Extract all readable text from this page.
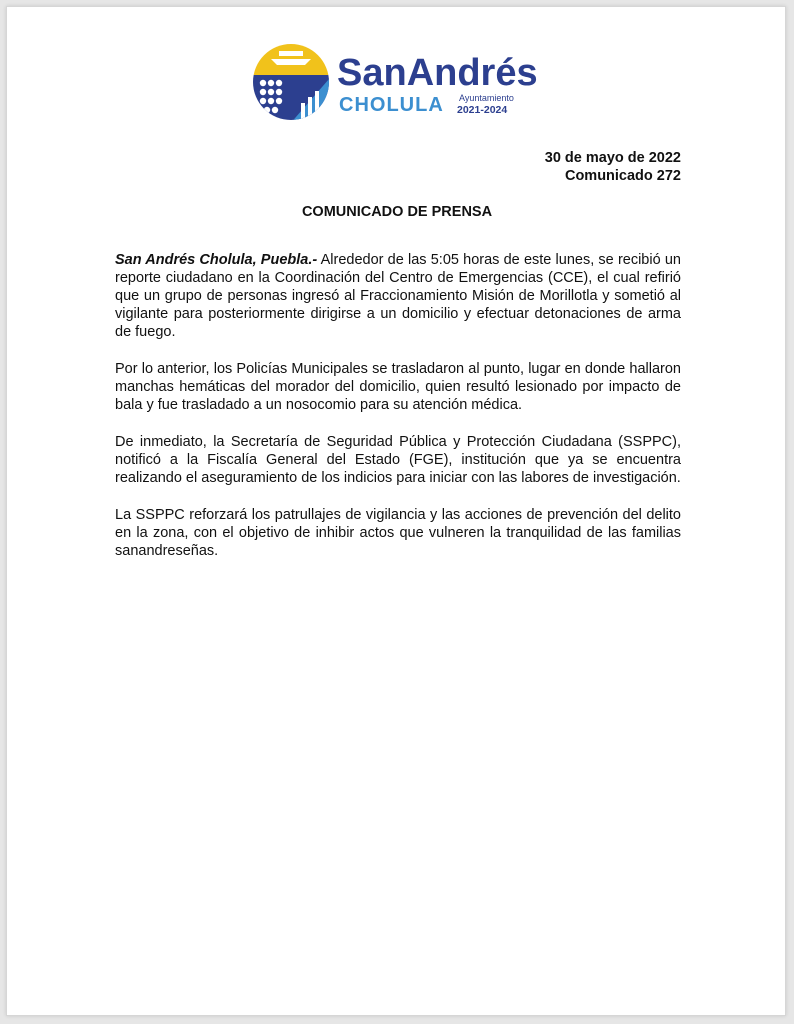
SanAndrés
CHOLULA Ayuntamiento
2021-2024
30 de mayo de 2022
Comunicado 272
COMUNICADO DE PRENSA

San Andrés Cholula, Puebla.- Alrededor de las 5:05 horas de este lunes, se recibió un reporte ciudadano en la Coordinación del Centro de Emergencias (CCE), el cual refirió que un grupo de personas ingresó al Fraccionamiento Misión de Morillotla y sometió al vigilante para posteriormente dirigirse a un domicilio y efectuar detonaciones de arma de fuego.

Por lo anterior, los Policías Municipales se trasladaron al punto, lugar en donde hallaron manchas hemáticas del morador del domicilio, quien resultó lesionado por impacto de bala y fue trasladado a un nosocomio para su atención médica.

De inmediato, la Secretaría de Seguridad Pública y Protección Ciudadana (SSPPC), notificó a la Fiscalía General del Estado (FGE), institución que ya se encuentra realizando el aseguramiento de los indicios para iniciar con las labores de investigación.

La SSPPC reforzará los patrullajes de vigilancia y las acciones de prevención del delito en la zona, con el objetivo de inhibir actos que vulneren la tranquilidad de las familias sanandreseñas.
